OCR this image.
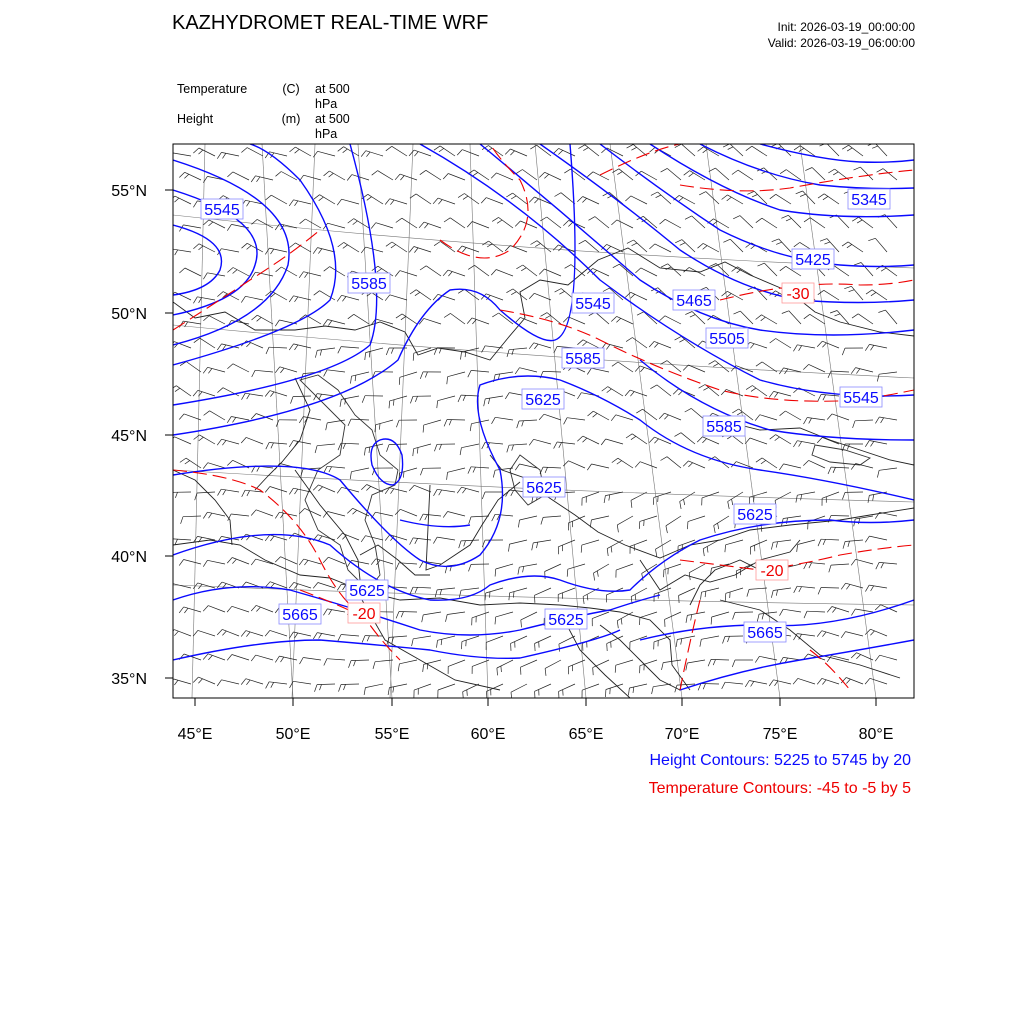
KAZHYDROMET REAL-TIME WRF	Init: 2026-03-19_00:00:00
Valid: 2026-03-19_06:00:00
Temperature	(C)	at 500 hPa
Height	(m)	at 500 hPa
5545
5585
5545	5465
5425
5345
5505
5585
5545
5625
5585
5625
5625
5625
5665	5625
5665
-30
-20
-20
45°E	50°E	55°E	60°E	65°E	70°E	75°E	80°E
55°N
50°N
45°N
40°N
35°N
Height Contours: 5225 to 5745 by 20
Temperature Contours: -45 to -5 by 5
